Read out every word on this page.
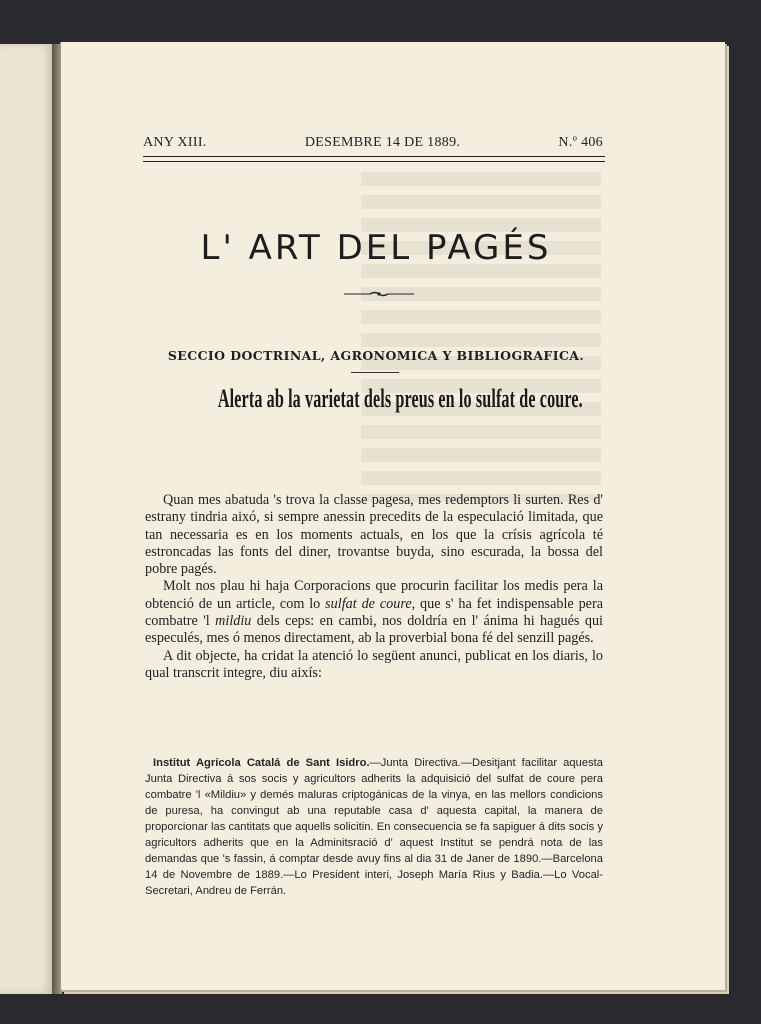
ANY XIII.	DESEMBRE 14 DE 1889.	N.º 406
L' ART DEL PAGÉS
SECCIO DOCTRINAL, AGRONOMICA Y BIBLIOGRAFICA.
Alerta ab la varietat dels preus en lo sulfat de coure.

Quan mes abatuda 's trova la classe pagesa, mes redemptors li surten. Res d' estrany tindria aixó, si sempre anessin precedits de la especulació limitada, que tan necessaria es en los moments actuals, en los que la crísis agrícola té estroncadas las fonts del diner, trovantse buyda, sino escurada, la bossa del pobre pagés.

Molt nos plau hi haja Corporacions que procurin facilitar los medis pera la obtenció de un article, com lo sulfat de coure, que s' ha fet indispensable pera combatre 'l mildiu dels ceps: en cambi, nos doldría en l' ánima hi hagués qui especulés, mes ó menos directament, ab la proverbial bona fé del senzill pagés.

A dit objecte, ha cridat la atenció lo següent anunci, publicat en los diaris, lo qual transcrit integre, diu aixís:

Institut Agrícola Catalá de Sant Isidro.—Junta Directiva.—Desitjant facilitar aquesta Junta Directiva á sos socis y agricultors adherits la adquisició del sulfat de coure pera combatre 'l «Mildiu» y demés maluras criptogánicas de la vinya, en las mellors condicions de puresa, ha convingut ab una reputable casa d' aquesta capital, la manera de proporcionar las cantitats que aquells solicitin. En consecuencia se fa sapiguer á dits socis y agricultors adherits que en la Adminitsració d' aquest Institut se pendrá nota de las demandas que 's fassin, á comptar desde avuy fins al dia 31 de Janer de 1890.—Barcelona 14 de Novembre de 1889.—Lo President interi, Joseph María Rius y Badia.—Lo Vocal-Secretari, Andreu de Ferrán.
